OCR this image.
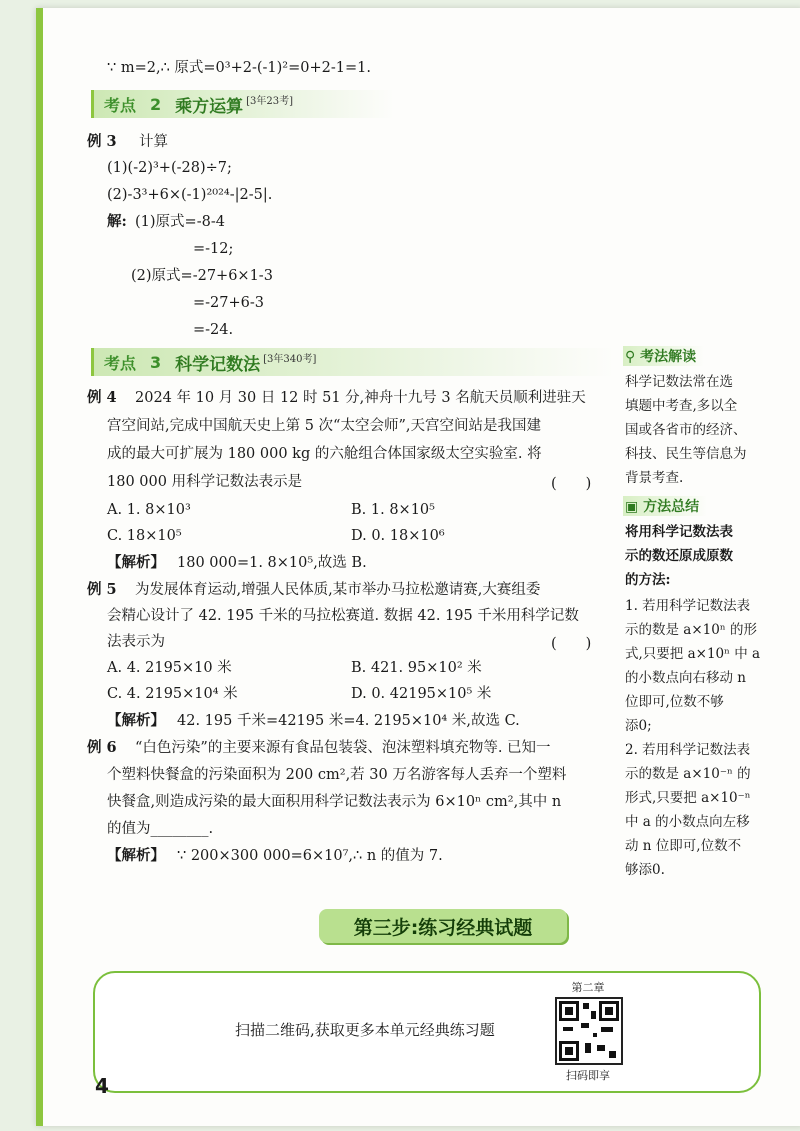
∵ m=2,∴ 原式=0³+2-(-1)²=0+2-1=1.
考点 2 乘方运算 [3年23考]
例 3 计算
(1)(-2)³+(-28)÷7;
(2)-3³+6×(-1)²⁰²⁴-|2-5|.
解: (1)原式=-8-4
=-12;
(2)原式=-27+6×1-3
=-27+6-3
=-24.
考点 3 科学记数法 [3年340考]
例 4 2024 年 10 月 30 日 12 时 51 分,神舟十九号 3 名航天员顺利进驻天
宫空间站,完成中国航天史上第 5 次“太空会师”,天宫空间站是我国建
成的最大可扩展为 180 000 kg 的六舱组合体国家级太空实验室. 将
180 000 用科学记数法表示是	(　　)
A. 1. 8×10³	B. 1. 8×10⁵
C. 18×10⁵	D. 0. 18×10⁶
【解析】 180 000=1. 8×10⁵,故选 B.
例 5 为发展体育运动,增强人民体质,某市举办马拉松邀请赛,大赛组委
会精心设计了 42. 195 千米的马拉松赛道. 数据 42. 195 千米用科学记数
法表示为	(　　)
A. 4. 2195×10 米	B. 421. 95×10² 米
C. 4. 2195×10⁴ 米	D. 0. 42195×10⁵ 米
【解析】 42. 195 千米=42195 米=4. 2195×10⁴ 米,故选 C.
例 6 “白色污染”的主要来源有食品包装袋、泡沫塑料填充物等. 已知一
个塑料快餐盒的污染面积为 200 cm²,若 30 万名游客每人丢弃一个塑料
快餐盒,则造成污染的最大面积用科学记数法表示为 6×10ⁿ cm²,其中 n
的值为________.
【解析】 ∵ 200×300 000=6×10⁷,∴ n 的值为 7.
⚲ 考法解读
科学记数法常在选
填题中考查,多以全
国或各省市的经济、
科技、民生等信息为
背景考查.
▣ 方法总结
将用科学记数法表
示的数还原成原数
的方法:
1. 若用科学记数法表
示的数是 a×10ⁿ 的形
式,只要把 a×10ⁿ 中 a
的小数点向右移动 n
位即可,位数不够
添0;
2. 若用科学记数法表
示的数是 a×10⁻ⁿ 的
形式,只要把 a×10⁻ⁿ
中 a 的小数点向左移
动 n 位即可,位数不
够添0.
第三步:练习经典试题
扫描二维码,获取更多本单元经典练习题
第二章
扫码即享
4
